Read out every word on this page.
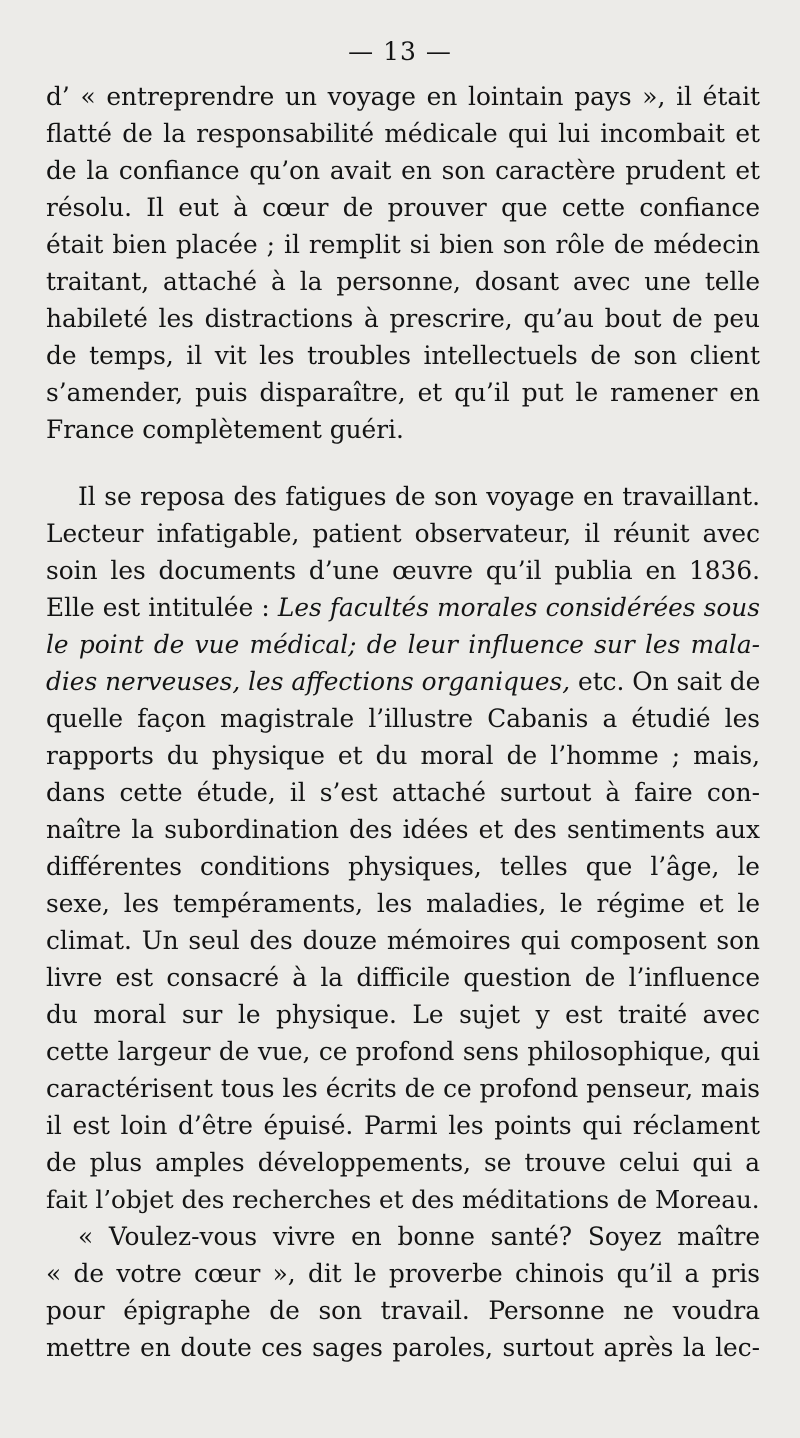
— 13 —
d’ « entreprendre un voyage en lointain pays », il était
flatté de la responsabilité médicale qui lui incombait et
de la confiance qu’on avait en son caractère prudent et
résolu. Il eut à cœur de prouver que cette confiance
était bien placée ; il remplit si bien son rôle de médecin
traitant, attaché à la personne, dosant avec une telle
habileté les distractions à prescrire, qu’au bout de peu
de temps, il vit les troubles intellectuels de son client
s’amender, puis disparaître, et qu’il put le ramener en
France complètement guéri.
Il se reposa des fatigues de son voyage en travaillant.
Lecteur infatigable, patient observateur, il réunit avec
soin les documents d’une œuvre qu’il publia en 1836.
Elle est intitulée : Les facultés morales considérées sous
le point de vue médical; de leur influence sur les mala-
dies nerveuses, les affections organiques, etc. On sait de
quelle façon magistrale l’illustre Cabanis a étudié les
rapports du physique et du moral de l’homme ; mais,
dans cette étude, il s’est attaché surtout à faire con-
naître la subordination des idées et des sentiments aux
différentes conditions physiques, telles que l’âge, le
sexe, les tempéraments, les maladies, le régime et le
climat. Un seul des douze mémoires qui composent son
livre est consacré à la difficile question de l’influence
du moral sur le physique. Le sujet y est traité avec
cette largeur de vue, ce profond sens philosophique, qui
caractérisent tous les écrits de ce profond penseur, mais
il est loin d’être épuisé. Parmi les points qui réclament
de plus amples développements, se trouve celui qui a
fait l’objet des recherches et des méditations de Moreau.
« Voulez-vous vivre en bonne santé? Soyez maître
« de votre cœur », dit le proverbe chinois qu’il a pris
pour épigraphe de son travail. Personne ne voudra
mettre en doute ces sages paroles, surtout après la lec-
